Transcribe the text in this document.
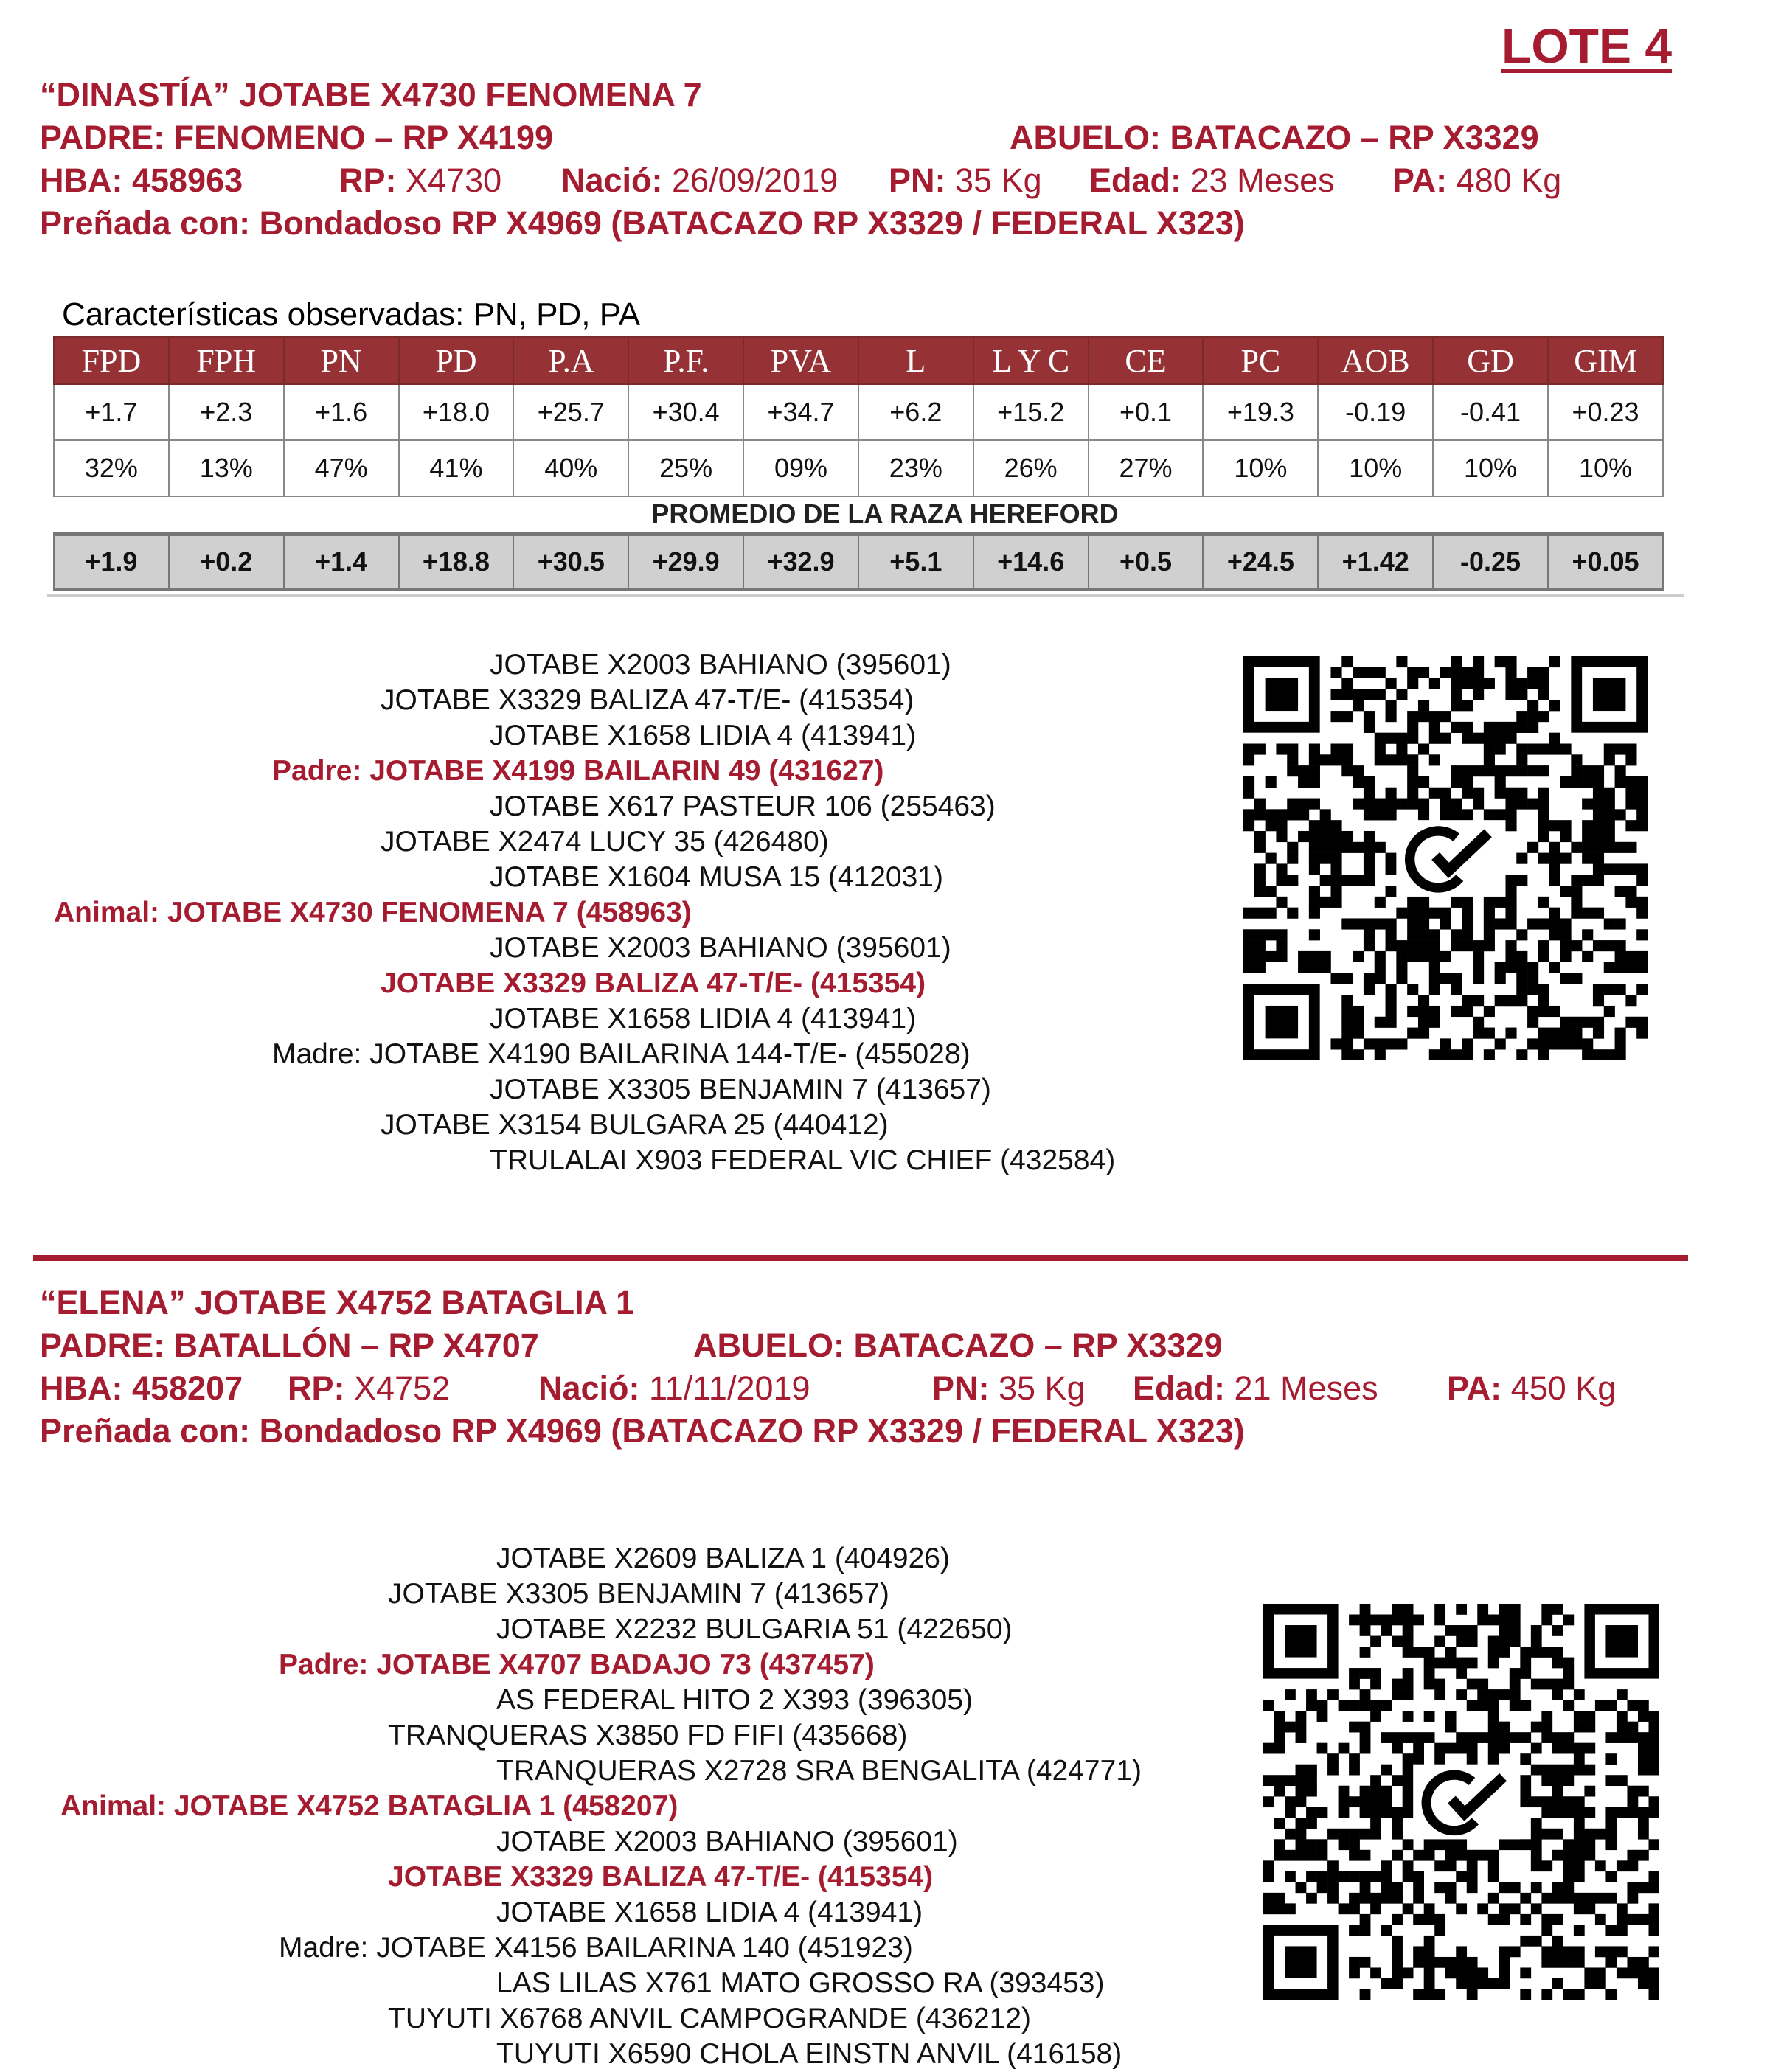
LOTE 4
“DINASTÍA” JOTABE X4730 FENOMENA 7
PADRE: FENOMENO – RP X4199	ABUELO: BATACAZO – RP X3329
HBA: 458963	RP: X4730 Nació: 26/09/2019 PN: 35 Kg Edad: 23 Meses PA: 480 Kg
Preñada con: Bondadoso RP X4969 (BATACAZO RP X3329 / FEDERAL X323)
JOTABE X2003 BAHIANO (395601)
JOTABE X3329 BALIZA 47-T/E- (415354)
JOTABE X1658 LIDIA 4 (413941)
Padre: JOTABE X4199 BAILARIN 49 (431627)
JOTABE X617 PASTEUR 106 (255463)
JOTABE X2474 LUCY 35 (426480)
JOTABE X1604 MUSA 15 (412031)
Animal: JOTABE X4730 FENOMENA 7 (458963)
JOTABE X2003 BAHIANO (395601)
JOTABE X3329 BALIZA 47-T/E- (415354)
JOTABE X1658 LIDIA 4 (413941)
Madre: JOTABE X4190 BAILARINA 144-T/E- (455028)
JOTABE X3305 BENJAMIN 7 (413657)
JOTABE X3154 BULGARA 25 (440412)
TRULALAI X903 FEDERAL VIC CHIEF (432584)
“ELENA” JOTABE X4752 BATAGLIA 1
PADRE: BATALLÓN – RP X4707	ABUELO: BATACAZO – RP X3329
HBA: 458207 RP: X4752	Nació: 11/11/2019	PN: 35 Kg Edad: 21 Meses PA: 450 Kg
Preñada con: Bondadoso RP X4969 (BATACAZO RP X3329 / FEDERAL X323)
JOTABE X2609 BALIZA 1 (404926)
JOTABE X3305 BENJAMIN 7 (413657)
JOTABE X2232 BULGARIA 51 (422650)
Padre: JOTABE X4707 BADAJO 73 (437457)
AS FEDERAL HITO 2 X393 (396305)
TRANQUERAS X3850 FD FIFI (435668)
TRANQUERAS X2728 SRA BENGALITA (424771)
Animal: JOTABE X4752 BATAGLIA 1 (458207)
JOTABE X2003 BAHIANO (395601)
JOTABE X3329 BALIZA 47-T/E- (415354)
JOTABE X1658 LIDIA 4 (413941)
Madre: JOTABE X4156 BAILARINA 140 (451923)
LAS LILAS X761 MATO GROSSO RA (393453)
TUYUTI X6768 ANVIL CAMPOGRANDE (436212)
TUYUTI X6590 CHOLA EINSTN ANVIL (416158)
Características observadas: PN, PD, PA
FPD	FPH	PN	PD	P.A	P.F.	PVA	L	L Y C	CE	PC	AOB	GD	GIM
+1.7	+2.3	+1.6	+18.0	+25.7	+30.4	+34.7	+6.2	+15.2	+0.1	+19.3	-0.19	-0.41	+0.23
32%	13%	47%	41%	40%	25%	09%	23%	26%	27%	10%	10%	10%	10%
PROMEDIO DE LA RAZA HEREFORD
+1.9	+0.2	+1.4	+18.8	+30.5	+29.9	+32.9	+5.1	+14.6	+0.5	+24.5	+1.42	-0.25	+0.05
